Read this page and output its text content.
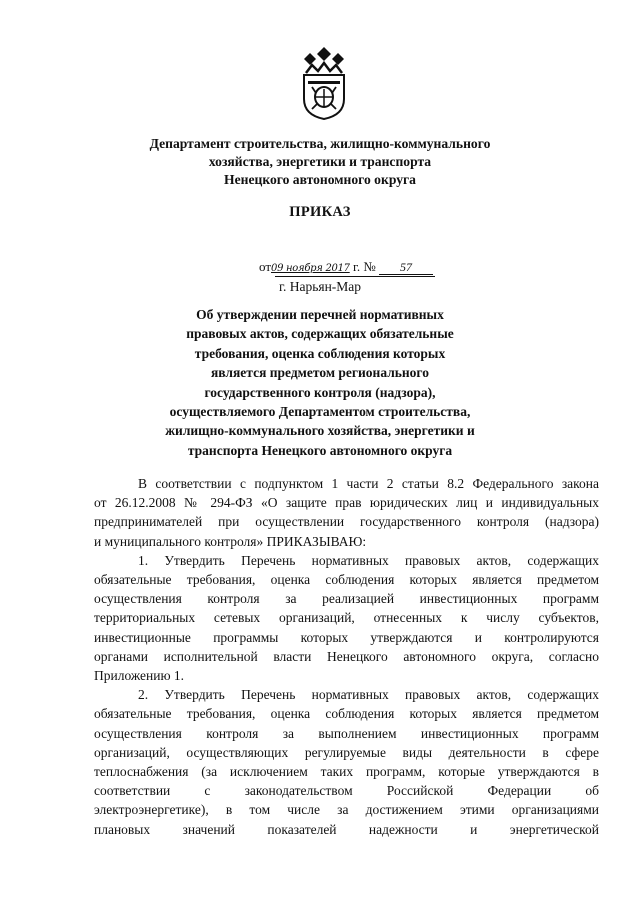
Департамент строительства, жилищно-коммунального
хозяйства, энергетики и транспорта
Ненецкого автономного округа
ПРИКАЗ
от09 ноября 2017 г. № 57
г. Нарьян-Мар
Об утверждении перечней нормативных
правовых актов, содержащих обязательные
требования, оценка соблюдения которых
является предметом регионального
государственного контроля (надзора),
осуществляемого Департаментом строительства,
жилищно-коммунального хозяйства, энергетики и
транспорта Ненецкого автономного округа
В соответствии с подпунктом 1 части 2 статьи 8.2 Федерального закона
от 26.12.2008 № 294-ФЗ «О защите прав юридических лиц и индивидуальных
предпринимателей при осуществлении государственного контроля (надзора)
и муниципального контроля» ПРИКАЗЫВАЮ:
1. Утвердить Перечень нормативных правовых актов, содержащих
обязательные требования, оценка соблюдения которых является предметом
осуществления контроля за реализацией инвестиционных программ
территориальных сетевых организаций, отнесенных к числу субъектов,
инвестиционные программы которых утверждаются и контролируются
органами исполнительной власти Ненецкого автономного округа, согласно
Приложению 1.
2. Утвердить Перечень нормативных правовых актов, содержащих
обязательные требования, оценка соблюдения которых является предметом
осуществления контроля за выполнением инвестиционных программ
организаций, осуществляющих регулируемые виды деятельности в сфере
теплоснабжения (за исключением таких программ, которые утверждаются в
соответствии с законодательством Российской Федерации об
электроэнергетике), в том числе за достижением этими организациями
плановых значений показателей надежности и энергетической
